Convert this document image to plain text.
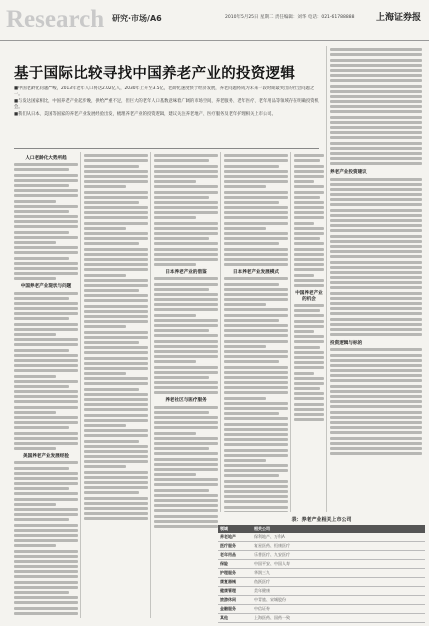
Research 研究·市场/A6	2010年5月25日 星期二 责任编辑：刘华 电话：021-61788888 上海证券报
基于国际比较寻找中国养老产业的投资逻辑

■中国老龄化问题严峻，2013年老年人口将达2.02亿人，2030年上升至3.5亿，老龄化速度快于经济发展，养老问题将成为未来一段时期最突出的社会问题之一。

■与发达国家相比，中国养老产业起步晚，供给严重不足，但巨大的老年人口基数意味着广阔的市场空间，养老服务、老年医疗、老年用品等领域存在明确投资机会。

■我们从日本、美国等国家的养老产业发展经验出发，梳理养老产业的投资逻辑，建议关注养老地产、医疗服务及老年护理相关上市公司。

人口老龄化大势所趋
中国养老产业现状与问题
美国养老产业发展经验
日本养老产业的借鉴
养老社区与医疗服务
日本养老产业发展模式
中国养老产业的机会
养老产业投资建议
投资逻辑与标的
表：养老产业相关上市公司
领域	相关公司
养老地产	保利地产、万科A
医疗服务	复星医药、恒康医疗
老年用品	乐普医疗、九安医疗
保险	中国平安、中国人寿
护理服务	华润三九
康复器械	鱼跃医疗
健康管理	美年健康
旅游休闲	中青旅、宋城股份
金融服务	中信证券
其他	上海医药、国药一致
